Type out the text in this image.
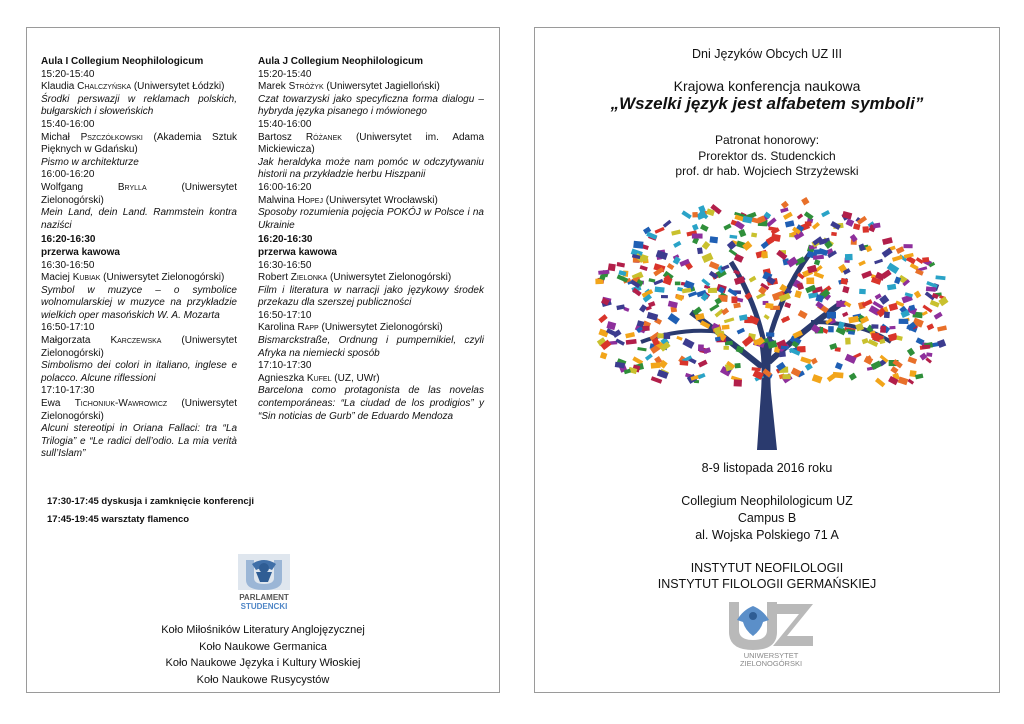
Aula I Collegium Neophilologicum
15:20-15:40
Klaudia Chalczyńska (Uniwersytet Łódzki)
Środki perswazji w reklamach polskich, bułgarskich i słoweńskich
15:40-16:00
Michał Pszczółkowski (Akademia Sztuk Pięknych w Gdańsku)
Pismo w architekturze
16:00-16:20
Wolfgang	Brylla	(Uniwersytet Zielonogórski)
Mein Land, dein Land. Rammstein kontra naziści
16:20-16:30
przerwa kawowa
16:30-16:50
Maciej Kubiak (Uniwersytet Zielonogórski)
Symbol w muzyce – o symbolice wolnomularskiej w muzyce na przykładzie wielkich oper masońskich W. A. Mozarta
16:50-17:10
Małgorzata Karczewska (Uniwersytet Zielonogórski)
Simbolismo dei colori in italiano, inglese e polacco. Alcune riflessioni
17:10-17:30
Ewa Tichoniuk-Wawrowicz (Uniwersytet Zielonogórski)
Alcuni stereotipi in Oriana Fallaci: tra “La Trilogia” e “Le radici dell’odio. La mia verità sull’Islam”
Aula J Collegium Neophilologicum
15:20-15:40
Marek Stróżyk (Uniwersytet Jagielloński)
Czat towarzyski jako specyficzna forma dialogu – hybryda języka pisanego i mówionego
15:40-16:00
Bartosz Różanek (Uniwersytet im. Adama Mickiewicza)
Jak heraldyka może nam pomóc w odczytywaniu historii na przykładzie herbu Hiszpanii
16:00-16:20
Malwina Hopej (Uniwersytet Wrocławski)
Sposoby rozumienia pojęcia POKÓJ w Polsce i na Ukrainie
16:20-16:30
przerwa kawowa
16:30-16:50
Robert Zielonka (Uniwersytet Zielonogórski)
Film i literatura w narracji jako językowy środek przekazu dla szerszej publiczności
16:50-17:10
Karolina Rapp (Uniwersytet Zielonogórski)
Bismarckstraße, Ordnung i pumpernikiel, czyli Afryka na niemiecki sposób
17:10-17:30
Agnieszka Kufel (UZ, UWr)
Barcelona como protagonista de las novelas contemporáneas: “La ciudad de los prodigios” y “Sin noticias de Gurb” de Eduardo Mendoza
17:30-17:45 dyskusja i zamknięcie konferencji
17:45-19:45 warsztaty flamenco
PARLAMENT
STUDENCKI
Koło Miłośników Literatury Anglojęzycznej
Koło Naukowe Germanica
Koło Naukowe Języka i Kultury Włoskiej
Koło Naukowe Rusycystów
Dni Języków Obcych UZ III
Krajowa konferencja naukowa
„Wszelki język jest alfabetem symboli”
Patronat honorowy:
Prorektor ds. Studenckich
prof. dr hab. Wojciech Strzyżewski
8-9 listopada 2016 roku
Collegium Neophilologicum UZ
Campus B
al. Wojska Polskiego 71 A
INSTYTUT NEOFILOLOGII
INSTYTUT FILOLOGII GERMAŃSKIEJ
UNIWERSYTET
ZIELONOGÓRSKI
